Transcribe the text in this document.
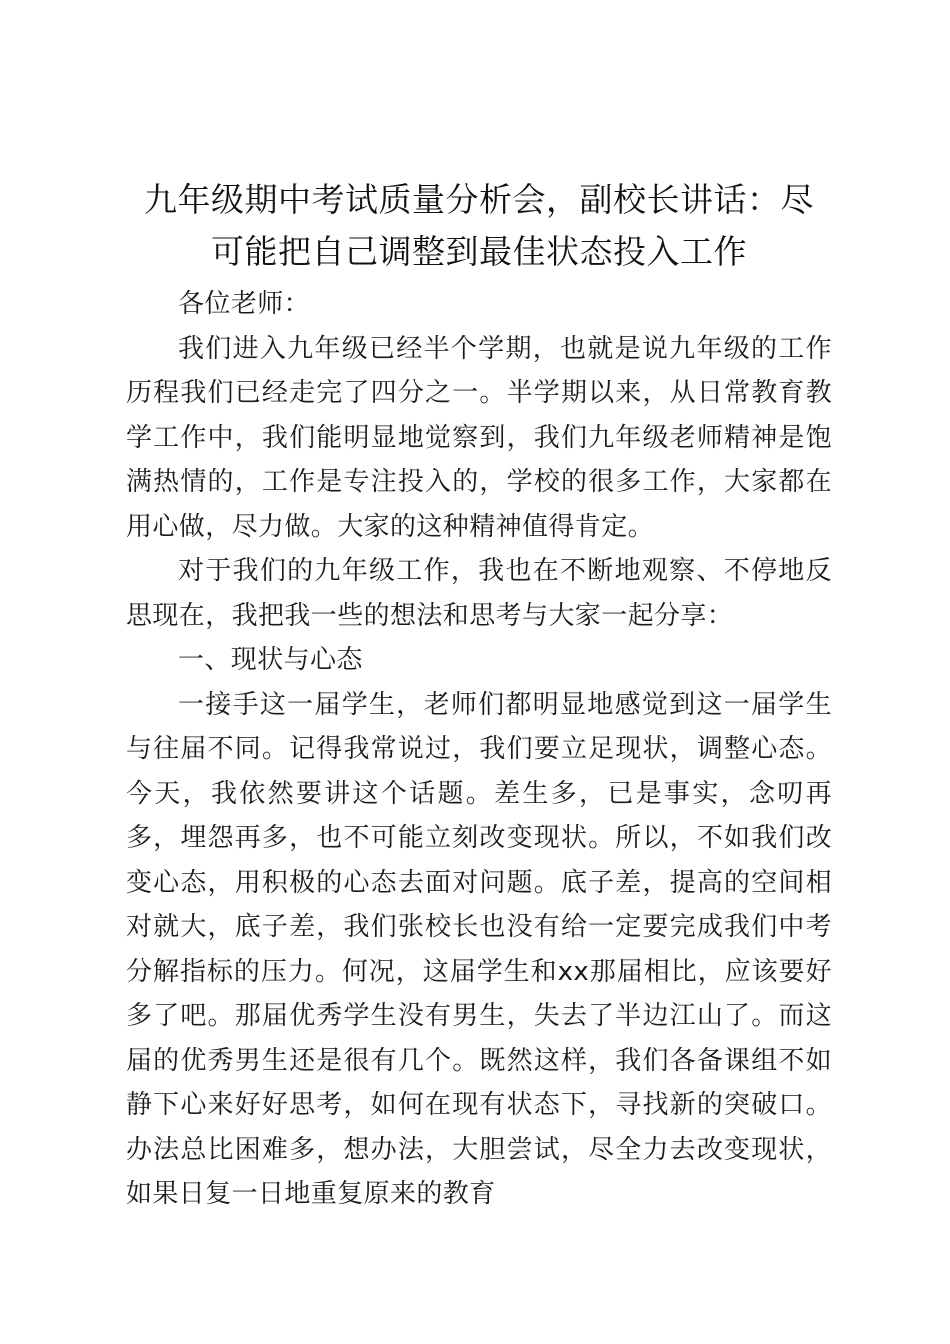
九年级期中考试质量分析会，副校长讲话：尽
可能把自己调整到最佳状态投入工作

各位老师：

我们进入九年级已经半个学期，也就是说九年级的工作历程我们已经走完了四分之一。半学期以来，从日常教育教学工作中，我们能明显地觉察到，我们九年级老师精神是饱满热情的，工作是专注投入的，学校的很多工作，大家都在用心做，尽力做。大家的这种精神值得肯定。

对于我们的九年级工作，我也在不断地观察、不停地反思现在，我把我一些的想法和思考与大家一起分享：

一、现状与心态

一接手这一届学生，老师们都明显地感觉到这一届学生与往届不同。记得我常说过，我们要立足现状，调整心态。今天，我依然要讲这个话题。差生多，已是事实，念叨再多，埋怨再多，也不可能立刻改变现状。所以，不如我们改变心态，用积极的心态去面对问题。底子差，提高的空间相对就大，底子差，我们张校长也没有给一定要完成我们中考分解指标的压力。何况，这届学生和xx那届相比，应该要好多了吧。那届优秀学生没有男生，失去了半边江山了。而这届的优秀男生还是很有几个。既然这样，我们各备课组不如静下心来好好思考，如何在现有状态下，寻找新的突破口。办法总比困难多，想办法，大胆尝试，尽全力去改变现状，如果日复一日地重复原来的教育
